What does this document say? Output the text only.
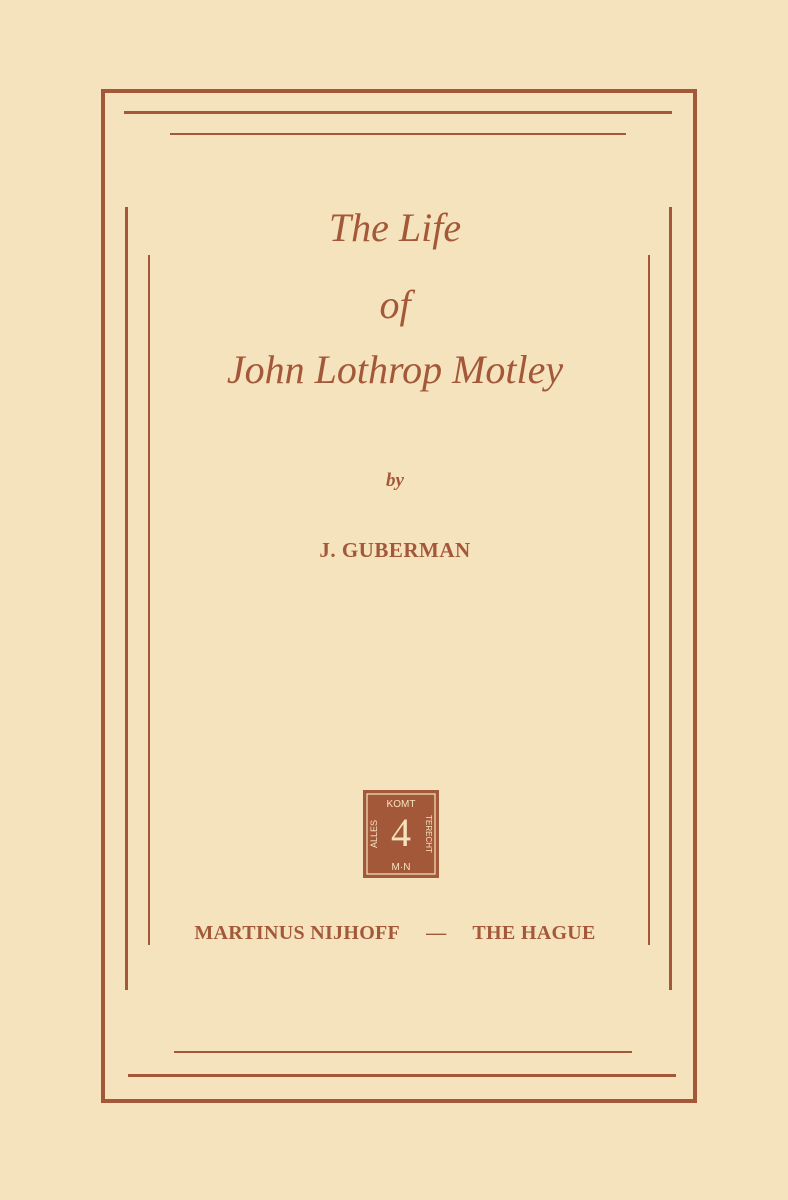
The Life
of
John Lothrop Motley
by
J. GUBERMAN
KOMT
M·N
ALLES	TERECHT
4
MARTINUS NIJHOFF — THE HAGUE
